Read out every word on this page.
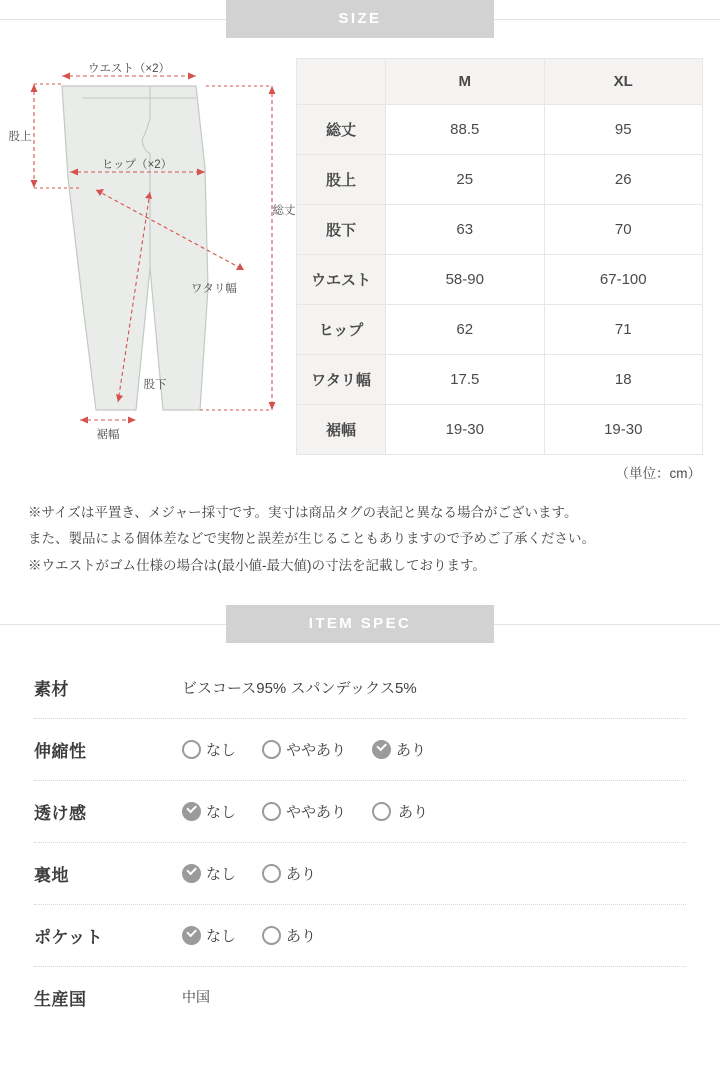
SIZE
ウエスト（×2）
ヒップ（×2）
股上
ワタリ幅
股下
総丈
裾幅
	M	XL
総丈	88.5	95
股上	25	26
股下	63	70
ウエスト	58-90	67-100
ヒップ	62	71
ワタリ幅	17.5	18
裾幅	19-30	19-30
（単位：cm）
※サイズは平置き、メジャー採寸です。実寸は商品タグの表記と異なる場合がございます。
また、製品による個体差などで実物と誤差が生じることもありますので予めご了承ください。
※ウエストがゴム仕様の場合は(最小値-最大値)の寸法を記載しております。
ITEM SPEC
素材	ビスコース95% スパンデックス5%
伸縮性	なし	ややあり	あり
透け感	なし	ややあり	あり
裏地	なし	あり
ポケット	なし	あり
生産国	中国
